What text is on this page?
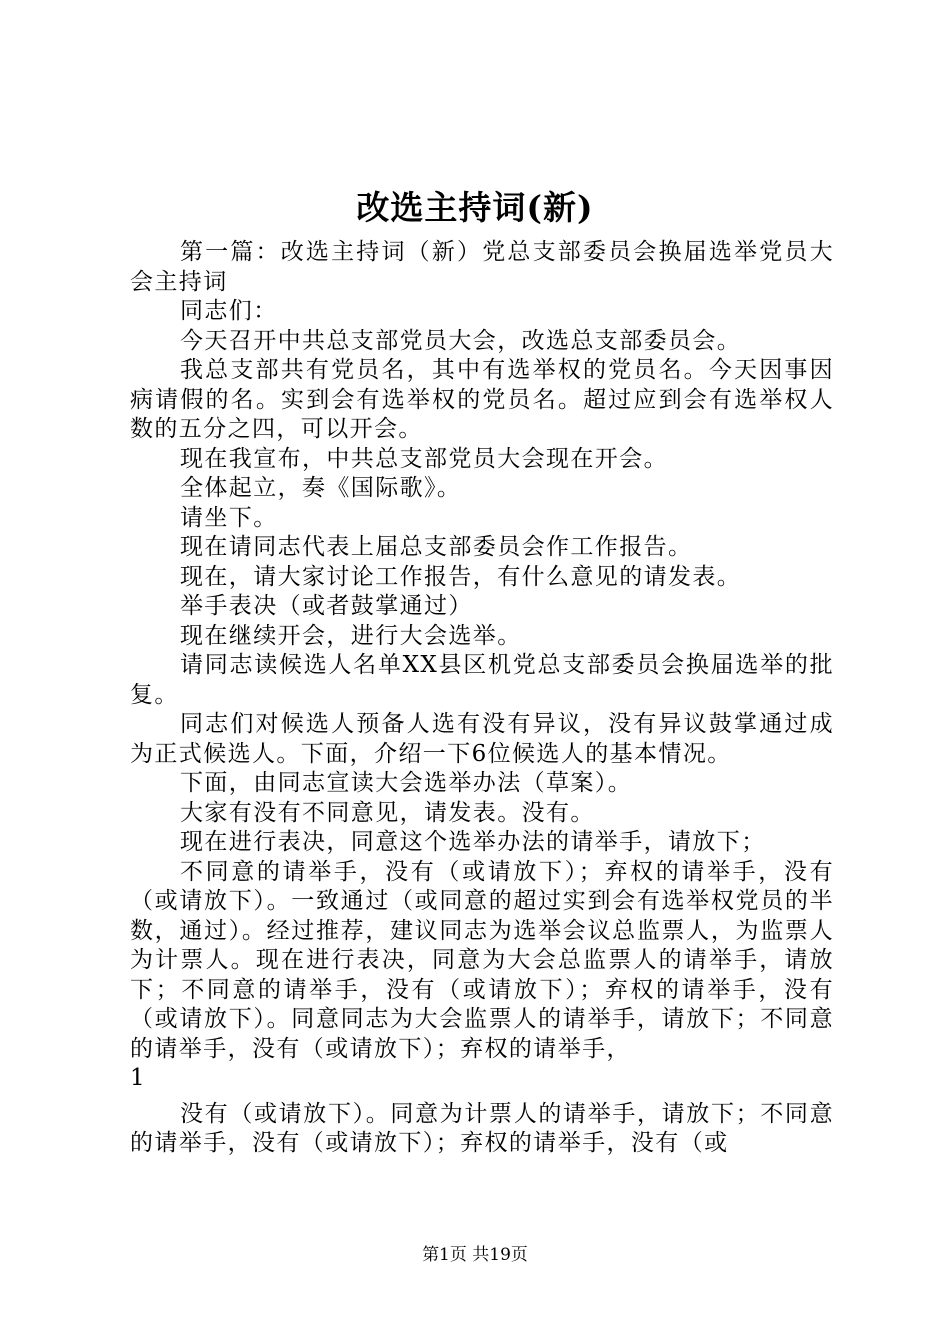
改选主持词(新)

第一篇：改选主持词（新）党总支部委员会换届选举党员大会主持词

同志们：

今天召开中共总支部党员大会，改选总支部委员会。

我总支部共有党员名，其中有选举权的党员名。今天因事因病请假的名。实到会有选举权的党员名。超过应到会有选举权人数的五分之四，可以开会。

现在我宣布，中共总支部党员大会现在开会。

全体起立，奏《国际歌》。

请坐下。

现在请同志代表上届总支部委员会作工作报告。

现在，请大家讨论工作报告，有什么意见的请发表。

举手表决（或者鼓掌通过）

现在继续开会，进行大会选举。

请同志读候选人名单XX县区机党总支部委员会换届选举的批复。

同志们对候选人预备人选有没有异议，没有异议鼓掌通过成为正式候选人。下面，介绍一下6位候选人的基本情况。

下面，由同志宣读大会选举办法（草案）。

大家有没有不同意见，请发表。没有。

现在进行表决，同意这个选举办法的请举手，请放下；

不同意的请举手，没有（或请放下）；弃权的请举手，没有（或请放下）。一致通过（或同意的超过实到会有选举权党员的半数，通过）。经过推荐，建议同志为选举会议总监票人，为监票人为计票人。现在进行表决，同意为大会总监票人的请举手，请放下；不同意的请举手，没有（或请放下）；弃权的请举手，没有（或请放下）。同意同志为大会监票人的请举手，请放下；不同意的请举手，没有（或请放下）；弃权的请举手，

1

没有（或请放下）。同意为计票人的请举手，请放下；不同意的请举手，没有（或请放下）；弃权的请举手，没有（或

第1页 共19页
